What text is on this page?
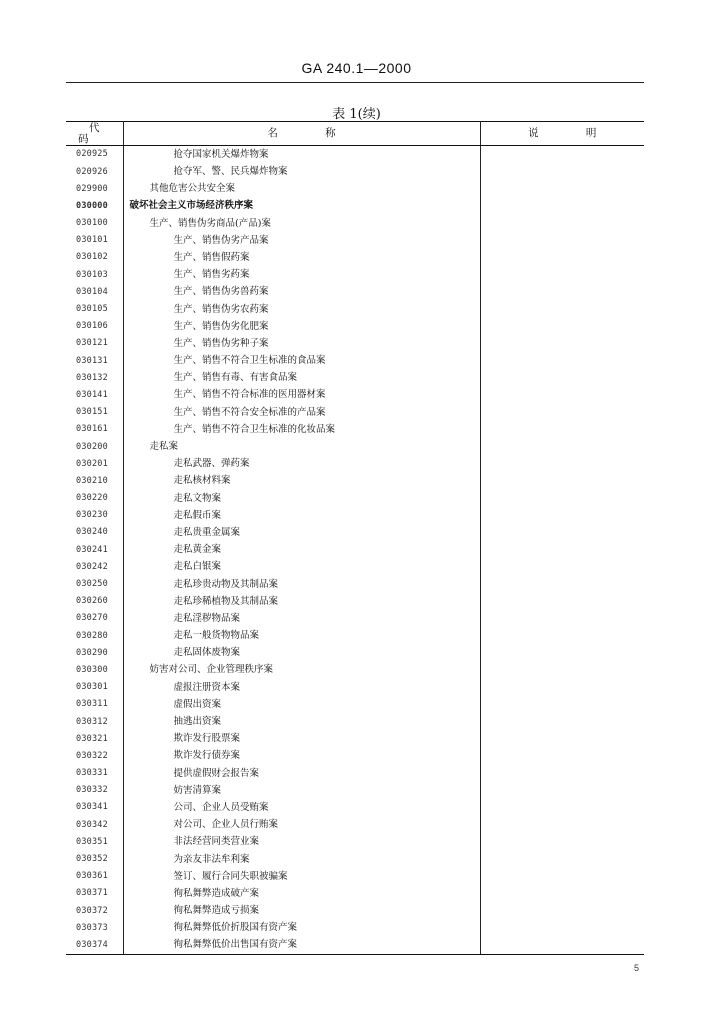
GA 240.1—2000
表 1(续)
代 码	名 称	说 明
020925	抢夺国家机关爆炸物案	
020926	抢夺军、警、民兵爆炸物案	
029900	其他危害公共安全案	
030000	破坏社会主义市场经济秩序案	
030100	生产、销售伪劣商品(产品)案	
030101	生产、销售伪劣产品案	
030102	生产、销售假药案	
030103	生产、销售劣药案	
030104	生产、销售伪劣兽药案	
030105	生产、销售伪劣农药案	
030106	生产、销售伪劣化肥案	
030121	生产、销售伪劣种子案	
030131	生产、销售不符合卫生标准的食品案	
030132	生产、销售有毒、有害食品案	
030141	生产、销售不符合标准的医用器材案	
030151	生产、销售不符合安全标准的产品案	
030161	生产、销售不符合卫生标准的化妆品案	
030200	走私案	
030201	走私武器、弹药案	
030210	走私核材料案	
030220	走私文物案	
030230	走私假币案	
030240	走私贵重金属案	
030241	走私黄金案	
030242	走私白银案	
030250	走私珍贵动物及其制品案	
030260	走私珍稀植物及其制品案	
030270	走私淫秽物品案	
030280	走私一般货物物品案	
030290	走私固体废物案	
030300	妨害对公司、企业管理秩序案	
030301	虚报注册资本案	
030311	虚假出资案	
030312	抽逃出资案	
030321	欺诈发行股票案	
030322	欺诈发行债券案	
030331	提供虚假财会报告案	
030332	妨害清算案	
030341	公司、企业人员受贿案	
030342	对公司、企业人员行贿案	
030351	非法经营同类营业案	
030352	为亲友非法牟利案	
030361	签订、履行合同失职被骗案	
030371	徇私舞弊造成破产案	
030372	徇私舞弊造成亏损案	
030373	徇私舞弊低价折股国有资产案	
030374	徇私舞弊低价出售国有资产案	
5
